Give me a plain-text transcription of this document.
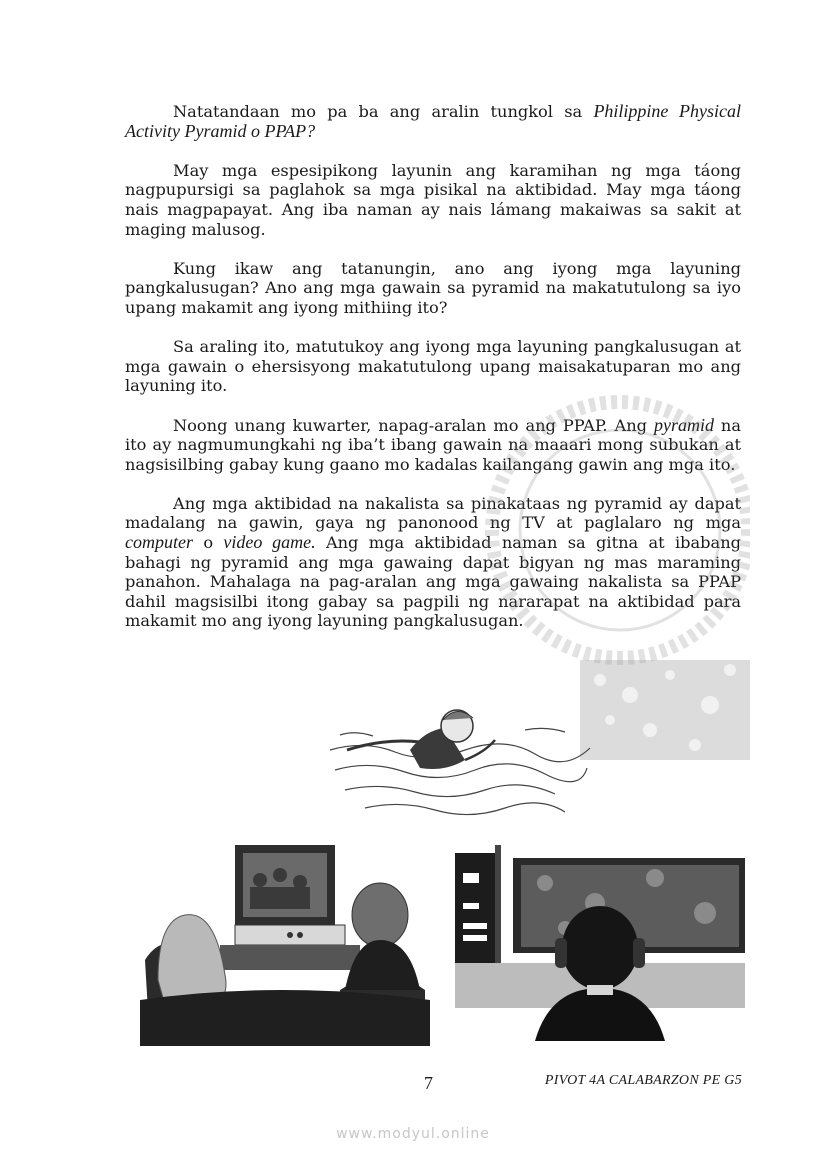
Natatandaan mo pa ba ang aralin tungkol sa Philippine Physical Activity Pyramid o PPAP?

May mga espesipikong layunin ang karamihan ng mga táong nagpupursigi sa paglahok sa mga pisikal na aktibidad. May mga táong nais magpapayat. Ang iba naman ay nais lámang makaiwas sa sakit at maging malusog.

Kung ikaw ang tatanungin, ano ang iyong mga layuning pangkalusugan? Ano ang mga gawain sa pyramid na makatutulong sa iyo upang makamit ang iyong mithiing ito?

Sa araling ito, matutukoy ang iyong mga layuning pangkalusugan at mga gawain o ehersisyong makatutulong upang maisakatuparan mo ang layuning ito.

Noong unang kuwarter, napag-aralan mo ang PPAP. Ang pyramid na ito ay nagmumungkahi ng iba’t ibang gawain na maaari mong subukan at nagsisilbing gabay kung gaano mo kadalas kailangang gawin ang mga ito.

Ang mga aktibidad na nakalista sa pinakataas ng pyramid ay dapat madalang na gawin, gaya ng panonood ng TV at paglalaro ng mga computer o video game. Ang mga aktibidad naman sa gitna at ibabang bahagi ng pyramid ang mga gawaing dapat bigyan ng mas maraming panahon. Mahalaga na pag-aralan ang mga gawaing nakalista sa PPAP dahil magsisilbi itong gabay sa pagpili ng nararapat na aktibidad para makamit mo ang iyong layuning pangkalusugan.

7	PIVOT 4A CALABARZON PE G5
www.modyul.online
